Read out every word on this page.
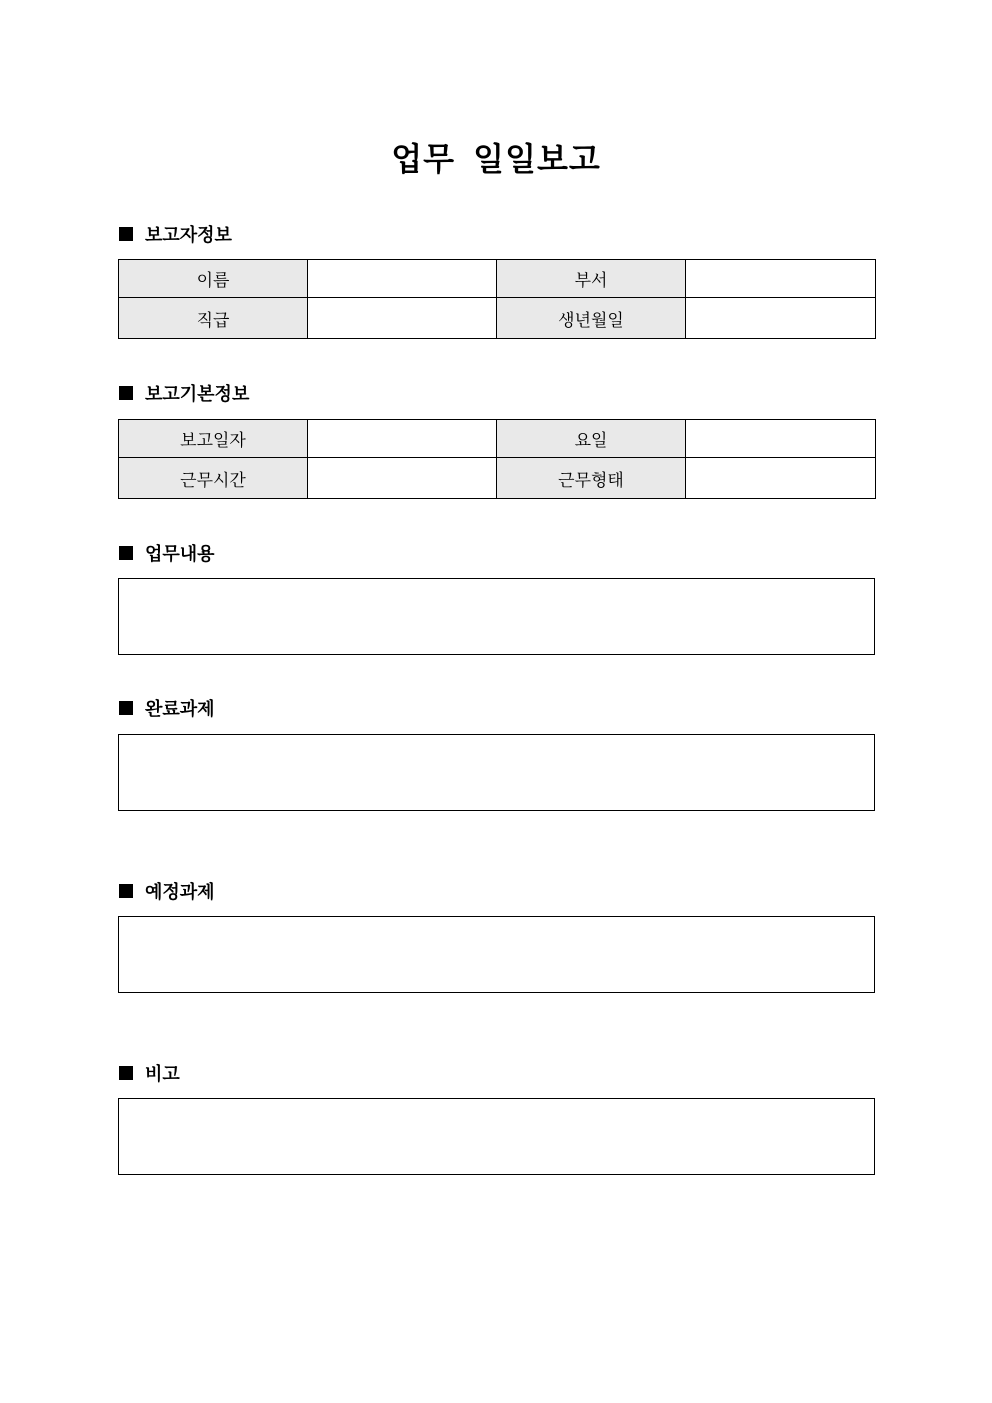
업무 일일보고
보고자정보
이름		부서	
직급		생년월일	
보고기본정보
보고일자		요일	
근무시간		근무형태	
업무내용
완료과제
예정과제
비고
